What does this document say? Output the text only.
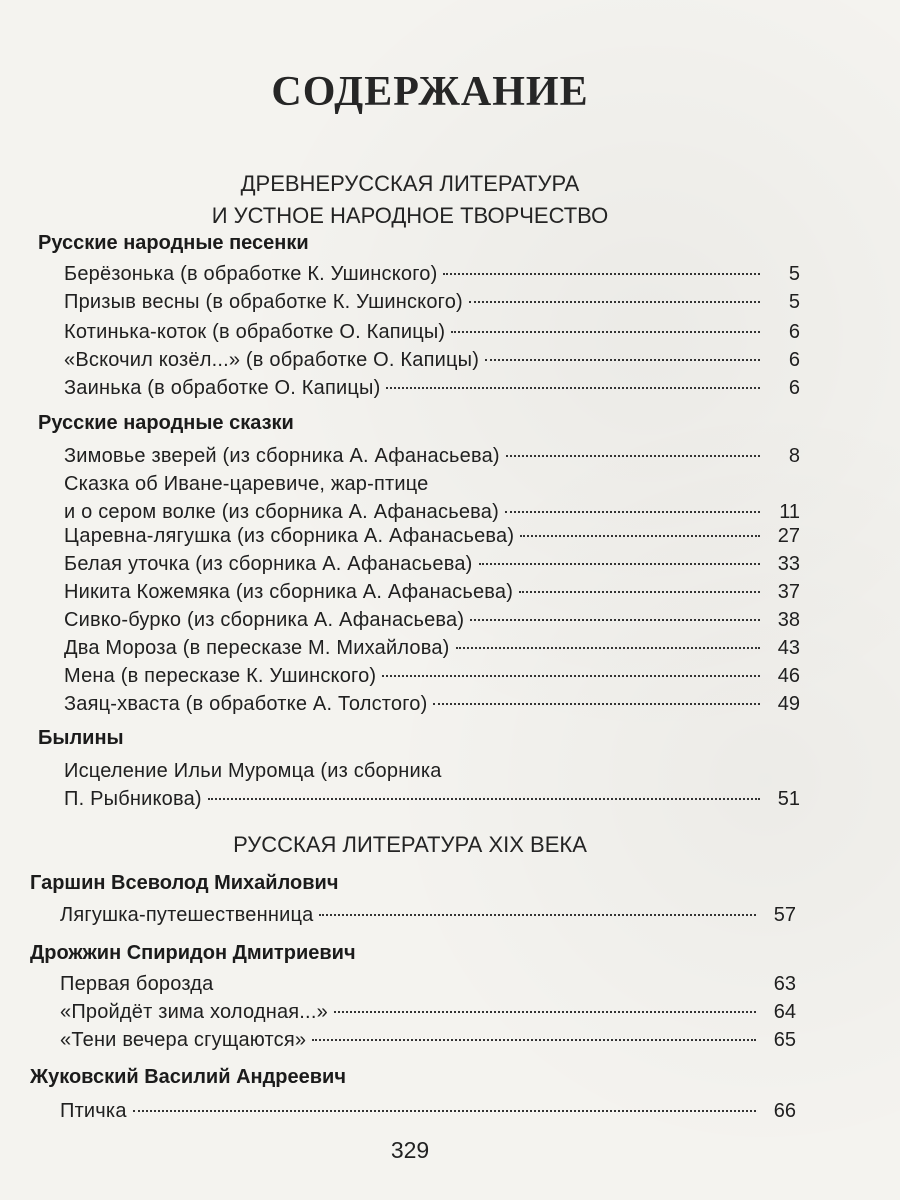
СОДЕРЖАНИЕ
ДРЕВНЕРУССКАЯ ЛИТЕРАТУРА
И УСТНОЕ НАРОДНОЕ ТВОРЧЕСТВО
Русские народные песенки
Берёзонька (в обработке К. Ушинского)	5
Призыв весны (в обработке К. Ушинского)	5
Котинька-коток (в обработке О. Капицы)	6
«Вскочил козёл...» (в обработке О. Капицы)	6
Заинька (в обработке О. Капицы)	6
Русские народные сказки
Зимовье зверей (из сборника А. Афанасьева)	8
Сказка об Иване-царевиче, жар-птице
и о сером волке (из сборника А. Афанасьева)	11
Царевна-лягушка (из сборника А. Афанасьева)	27
Белая уточка (из сборника А. Афанасьева)	33
Никита Кожемяка (из сборника А. Афанасьева)	37
Сивко-бурко (из сборника А. Афанасьева)	38
Два Мороза (в пересказе М. Михайлова)	43
Мена (в пересказе К. Ушинского)	46
Заяц-хваста (в обработке А. Толстого)	49
Былины
Исцеление Ильи Муромца (из сборника
П. Рыбникова)	51
РУССКАЯ ЛИТЕРАТУРА XIX ВЕКА
Гаршин Всеволод Михайлович
Лягушка-путешественница	57
Дрожжин Спиридон Дмитриевич
Первая борозда	63
«Пройдёт зима холодная...»	64
«Тени вечера сгущаются»	65
Жуковский Василий Андреевич
Птичка	66
329
